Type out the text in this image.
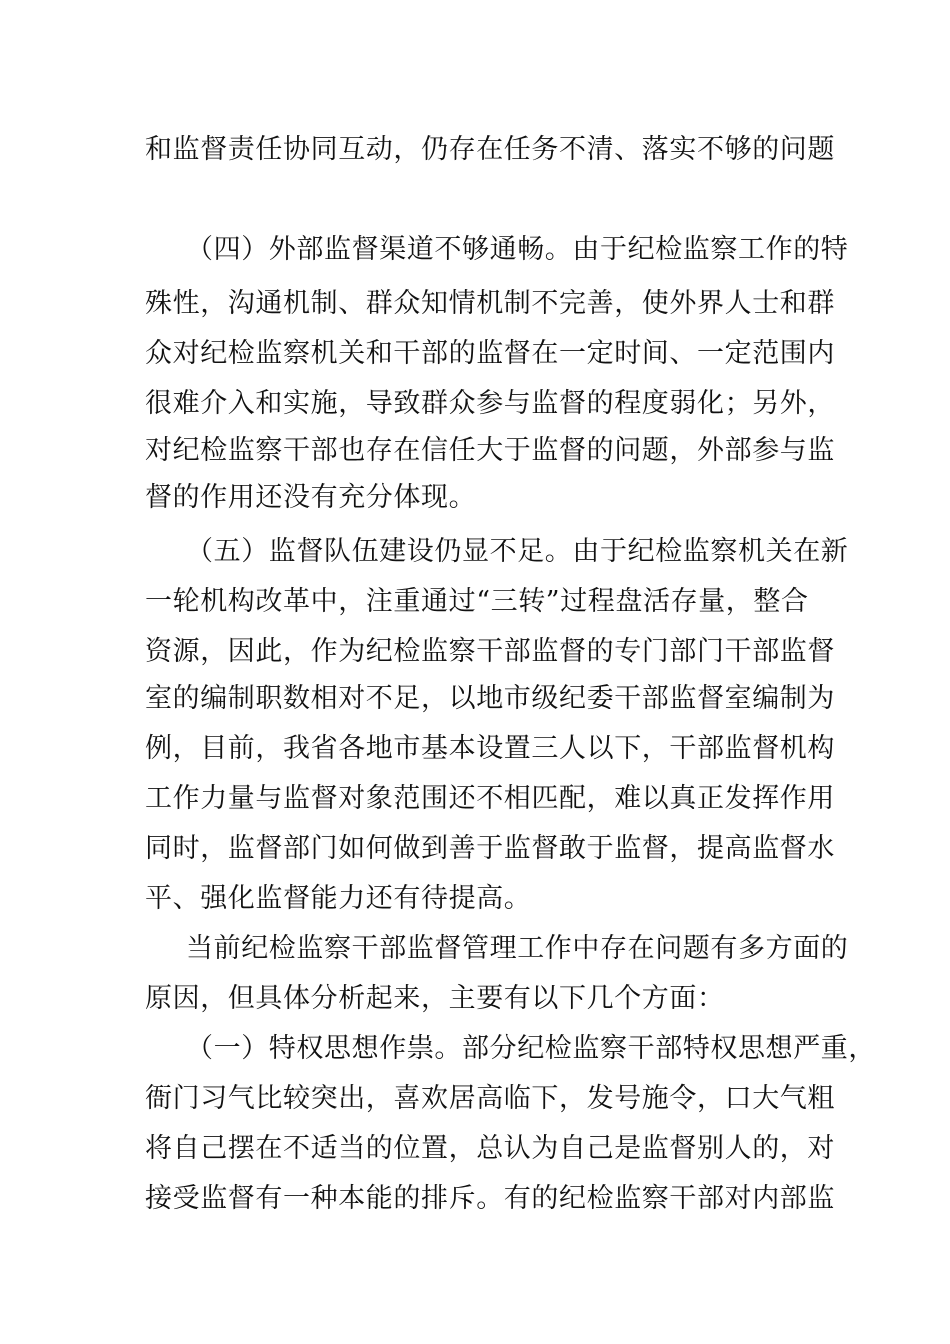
和监督责任协同互动，仍存在任务不清、落实不够的问题

（四）外部监督渠道不够通畅。由于纪检监察工作的特

殊性，沟通机制、群众知情机制不完善，使外界人士和群

众对纪检监察机关和干部的监督在一定时间、一定范围内

很难介入和实施，导致群众参与监督的程度弱化；另外，

对纪检监察干部也存在信任大于监督的问题，外部参与监

督的作用还没有充分体现。

（五）监督队伍建设仍显不足。由于纪检监察机关在新

一轮机构改革中，注重通过“三转”过程盘活存量，整合

资源，因此，作为纪检监察干部监督的专门部门干部监督

室的编制职数相对不足，以地市级纪委干部监督室编制为

例，目前，我省各地市基本设置三人以下，干部监督机构

工作力量与监督对象范围还不相匹配，难以真正发挥作用

同时，监督部门如何做到善于监督敢于监督，提高监督水

平、强化监督能力还有待提高。

当前纪检监察干部监督管理工作中存在问题有多方面的

原因，但具体分析起来，主要有以下几个方面：

（一）特权思想作祟。部分纪检监察干部特权思想严重，

衙门习气比较突出，喜欢居高临下，发号施令，口大气粗

将自己摆在不适当的位置，总认为自己是监督别人的，对

接受监督有一种本能的排斥。有的纪检监察干部对内部监
